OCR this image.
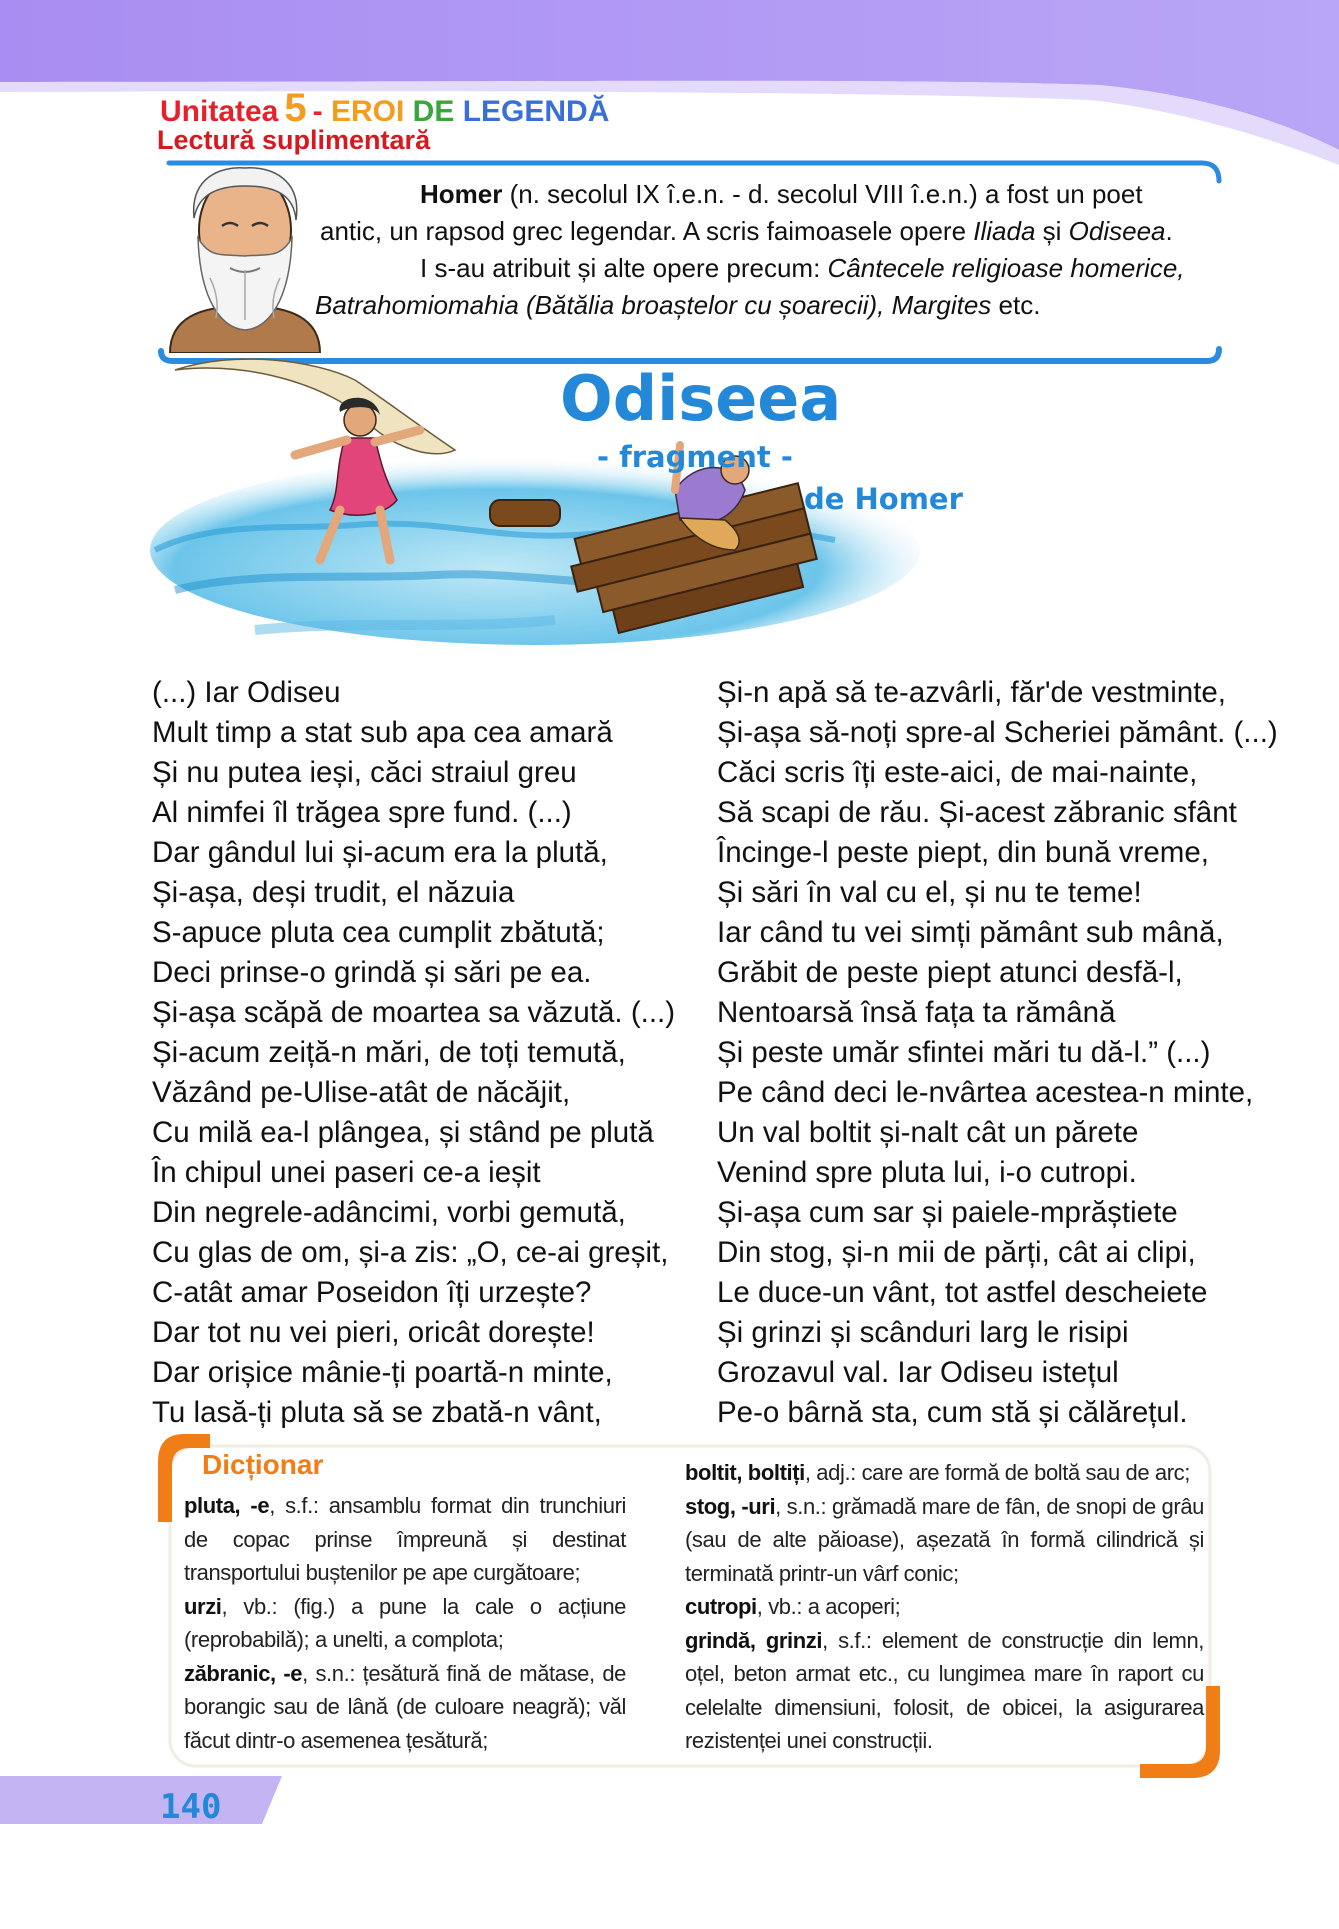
Unitatea 5 - EROI DE LEGENDĂ
Lectură suplimentară

Homer (n. secolul IX î.e.n. - d. secolul VIII î.e.n.) a fost un poet

antic, un rapsod grec legendar. A scris faimoasele opere Iliada și Odiseea.

I s-au atribuit și alte opere precum: Cântecele religioase homerice,

Batrahomiomahia (Bătălia broaștelor cu șoarecii), Margites etc.

Odiseea
- fragment -
de Homer
(...) Iar Odiseu
Mult timp a stat sub apa cea amară
Și nu putea ieși, căci straiul greu
Al nimfei îl trăgea spre fund. (...)
Dar gândul lui și-acum era la plută,
Și-așa, deși trudit, el năzuia
S-apuce pluta cea cumplit zbătută;
Deci prinse-o grindă și sări pe ea.
Și-așa scăpă de moartea sa văzută. (...)
Și-acum zeiță-n mări, de toți temută,
Văzând pe-Ulise-atât de năcăjit,
Cu milă ea-l plângea, și stând pe plută
În chipul unei paseri ce-a ieșit
Din negrele-adâncimi, vorbi gemută,
Cu glas de om, și-a zis: „O, ce-ai greșit,
C-atât amar Poseidon îți urzește?
Dar tot nu vei pieri, oricât dorește!
Dar orișice mânie-ți poartă-n minte,
Tu lasă-ți pluta să se zbată-n vânt,
Și-n apă să te-azvârli, făr'de vestminte,
Și-așa să-noți spre-al Scheriei pământ. (...)
Căci scris îți este-aici, de mai-nainte,
Să scapi de rău. Și-acest zăbranic sfânt
Încinge-l peste piept, din bună vreme,
Și sări în val cu el, și nu te teme!
Iar când tu vei simți pământ sub mână,
Grăbit de peste piept atunci desfă-l,
Nentoarsă însă fața ta rămână
Și peste umăr sfintei mări tu dă-l.” (...)
Pe când deci le-nvârtea acestea-n minte,
Un val boltit și-nalt cât un părete
Venind spre pluta lui, i-o cutropi.
Și-așa cum sar și paiele-mprăștiete
Din stog, și-n mii de părți, cât ai clipi,
Le duce-un vânt, tot astfel descheiete
Și grinzi și scânduri larg le risipi
Grozavul val. Iar Odiseu istețul
Pe-o bârnă sta, cum stă și călărețul.
Dicționar

pluta, -e, s.f.: ansamblu format din trunchiuri de copac prinse împreună și destinat transportului buștenilor pe ape curgătoare;

urzi, vb.: (fig.) a pune la cale o acțiune (reprobabilă); a unelti, a complota;

zăbranic, -e, s.n.: țesătură fină de mătase, de borangic sau de lână (de culoare neagră); văl făcut dintr-o asemenea țesătură;

boltit, boltiți, adj.: care are formă de boltă sau de arc;

stog, -uri, s.n.: grămadă mare de fân, de snopi de grâu (sau de alte păioase), așezată în formă cilindrică și terminată printr-un vârf conic;

cutropi, vb.: a acoperi;

grindă, grinzi, s.f.: element de construcție din lemn, oțel, beton armat etc., cu lungimea mare în raport cu celelalte dimensiuni, folosit, de obicei, la asigurarea rezistenței unei construcții.

140
